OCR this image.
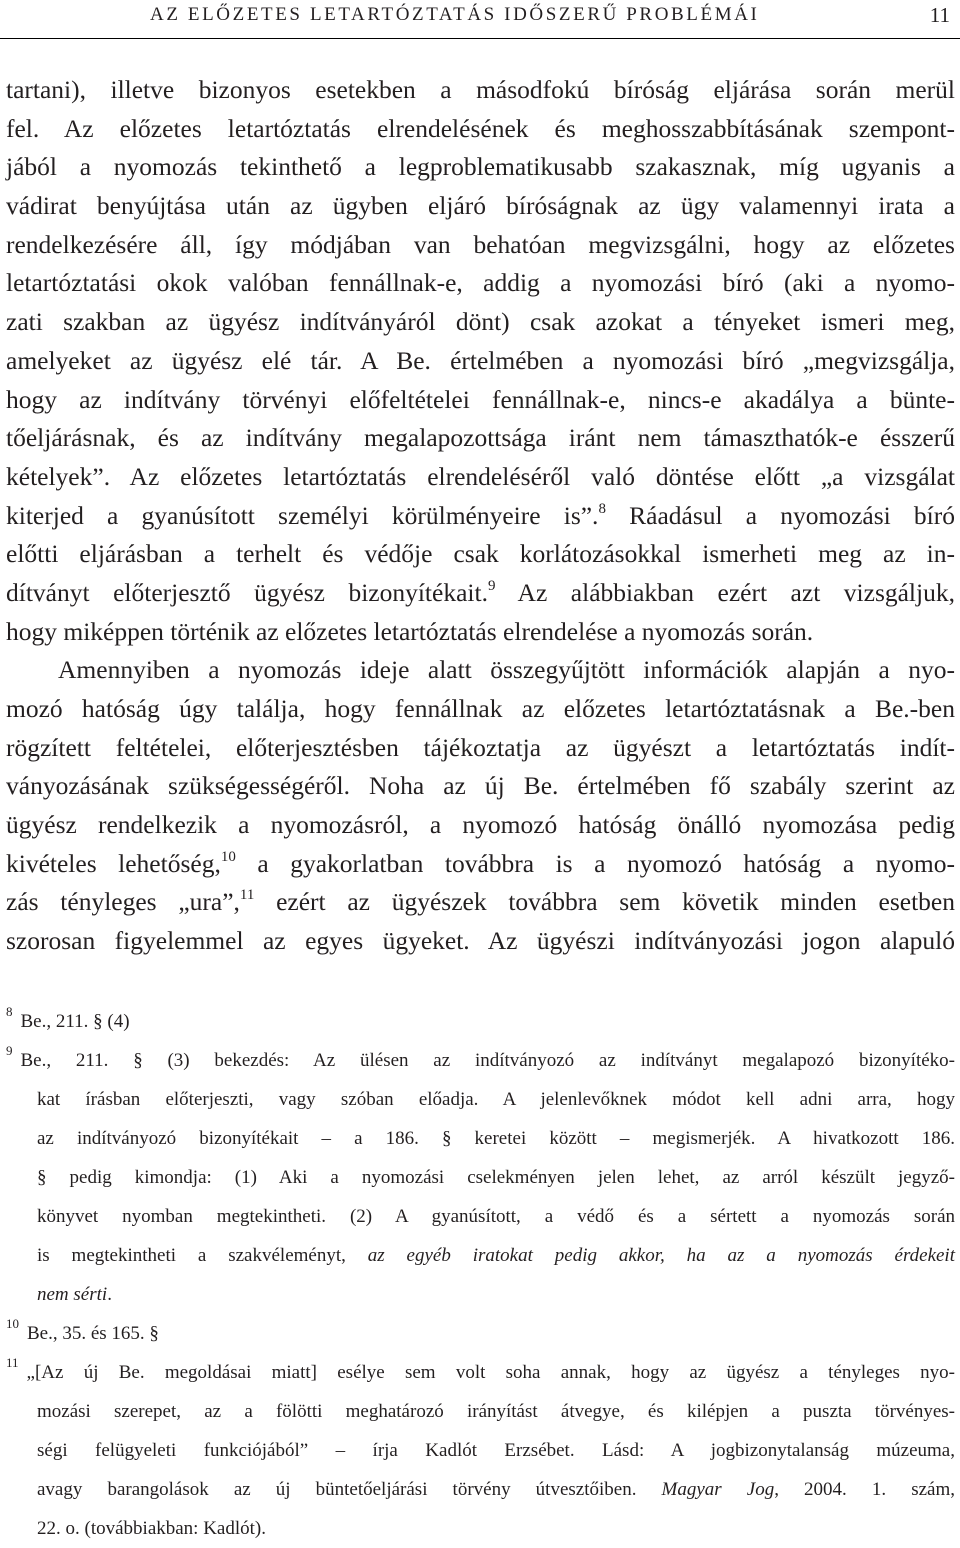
AZ ELŐZETES LETARTÓZTATÁS IDŐSZERŰ PROBLÉMÁI	11
tartani), illetve bizonyos esetekben a másodfokú bíróság eljárása során merül
fel. Az előzetes letartóztatás elrendelésének és meghosszabbításának szempont-
jából a nyomozás tekinthető a legproblematikusabb szakasznak, míg ugyanis a
vádirat benyújtása után az ügyben eljáró bíróságnak az ügy valamennyi irata a
rendelkezésére áll, így módjában van behatóan megvizsgálni, hogy az előzetes
letartóztatási okok valóban fennállnak-e, addig a nyomozási bíró (aki a nyomo-
zati szakban az ügyész indítványáról dönt) csak azokat a tényeket ismeri meg,
amelyeket az ügyész elé tár. A Be. értelmében a nyomozási bíró „megvizsgálja,
hogy az indítvány törvényi előfeltételei fennállnak-e, nincs-e akadálya a bünte-
tőeljárásnak, és az indítvány megalapozottsága iránt nem támaszthatók-e ésszerű
kételyek”. Az előzetes letartóztatás elrendeléséről való döntése előtt „a vizsgálat
kiterjed a gyanúsított személyi körülményeire is”.$^8$ Ráadásul a nyomozási bíró
előtti eljárásban a terhelt és védője csak korlátozásokkal ismerheti meg az in-
dítványt előterjesztő ügyész bizonyítékait.$^9$ Az alábbiakban ezért azt vizsgáljuk,
hogy miképpen történik az előzetes letartóztatás elrendelése a nyomozás során.
Amennyiben a nyomozás ideje alatt összegyűjtött információk alapján a nyo-
mozó hatóság úgy találja, hogy fennállnak az előzetes letartóztatásnak a Be.-ben
rögzített feltételei, előterjesztésben tájékoztatja az ügyészt a letartóztatás indít-
ványozásának szükségességéről. Noha az új Be. értelmében fő szabály szerint az
ügyész rendelkezik a nyomozásról, a nyomozó hatóság önálló nyomozása pedig
kivételes lehetőség,$^{10}$ a gyakorlatban továbbra is a nyomozó hatóság a nyomo-
zás tényleges „ura”,$^{11}$ ezért az ügyészek továbbra sem követik minden esetben
szorosan figyelemmel az egyes ügyeket. Az ügyészi indítványozási jogon alapuló
$^8$ Be., 211. § (4)
$^9$ Be., 211. § (3) bekezdés: Az ülésen az indítványozó az indítványt megalapozó bizonyítéko-
kat írásban előterjeszti, vagy szóban előadja. A jelenlevőknek módot kell adni arra, hogy
az indítványozó bizonyítékait – a 186. § keretei között – megismerjék. A hivatkozott 186.
§ pedig kimondja: (1) Aki a nyomozási cselekményen jelen lehet, az arról készült jegyző-
könyvet nyomban megtekintheti. (2) A gyanúsított, a védő és a sértett a nyomozás során
is megtekintheti a szakvéleményt, az egyéb iratokat pedig akkor, ha az a nyomozás érdekeit
nem sérti.
$^{10}$ Be., 35. és 165. §
$^{11}$ „[Az új Be. megoldásai miatt] esélye sem volt soha annak, hogy az ügyész a tényleges nyo-
mozási szerepet, az a fölötti meghatározó irányítást átvegye, és kilépjen a puszta törvényes-
ségi felügyeleti funkciójából” – írja Kadlót Erzsébet. Lásd: A jogbizonytalanság múzeuma,
avagy barangolások az új büntetőeljárási törvény útvesztőiben. Magyar Jog, 2004. 1. szám,
22. o. (továbbiakban: Kadlót).
